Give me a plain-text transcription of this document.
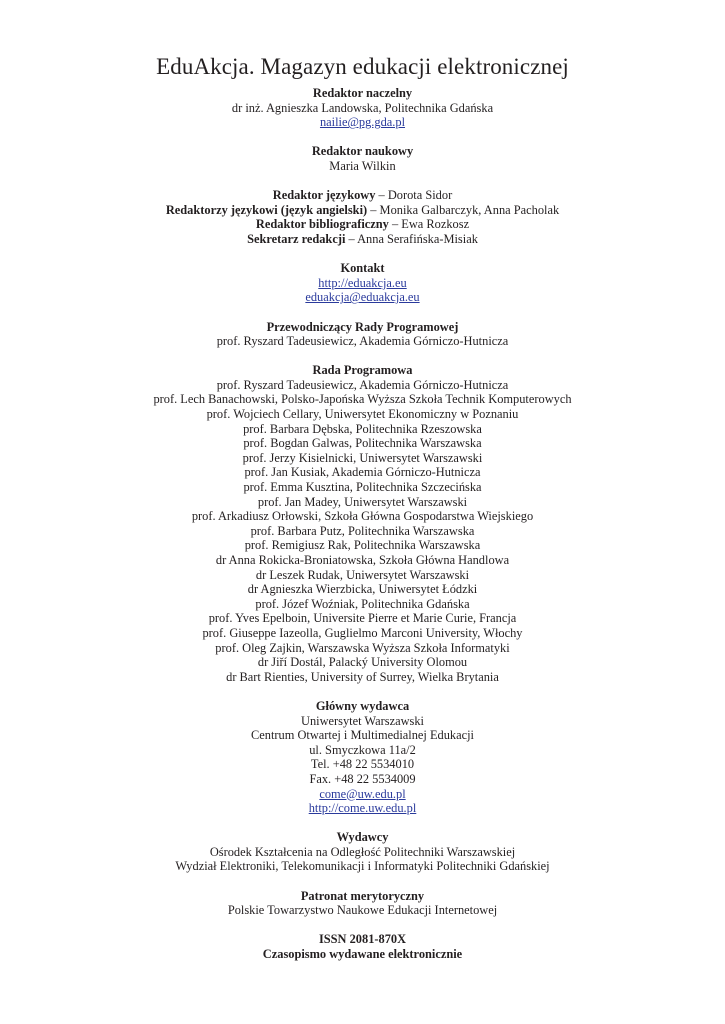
EduAkcja. Magazyn edukacji elektronicznej
Redaktor naczelny
dr inż. Agnieszka Landowska, Politechnika Gdańska
nailie@pg.gda.pl
Redaktor naukowy
Maria Wilkin
Redaktor językowy – Dorota Sidor
Redaktorzy językowi (język angielski) – Monika Galbarczyk, Anna Pacholak
Redaktor bibliograficzny – Ewa Rozkosz
Sekretarz redakcji – Anna Serafińska-Misiak
Kontakt
http://eduakcja.eu
eduakcja@eduakcja.eu
Przewodniczący Rady Programowej
prof. Ryszard Tadeusiewicz, Akademia Górniczo-Hutnicza
Rada Programowa
prof. Ryszard Tadeusiewicz, Akademia Górniczo-Hutnicza
prof. Lech Banachowski, Polsko-Japońska Wyższa Szkoła Technik Komputerowych
prof. Wojciech Cellary, Uniwersytet Ekonomiczny w Poznaniu
prof. Barbara Dębska, Politechnika Rzeszowska
prof. Bogdan Galwas, Politechnika Warszawska
prof. Jerzy Kisielnicki, Uniwersytet Warszawski
prof. Jan Kusiak, Akademia Górniczo-Hutnicza
prof. Emma Kusztina, Politechnika Szczecińska
prof. Jan Madey, Uniwersytet Warszawski
prof. Arkadiusz Orłowski, Szkoła Główna Gospodarstwa Wiejskiego
prof. Barbara Putz, Politechnika Warszawska
prof. Remigiusz Rak, Politechnika Warszawska
dr Anna Rokicka-Broniatowska, Szkoła Główna Handlowa
dr Leszek Rudak, Uniwersytet Warszawski
dr Agnieszka Wierzbicka, Uniwersytet Łódzki
prof. Józef Woźniak, Politechnika Gdańska
prof. Yves Epelboin, Universite Pierre et Marie Curie, Francja
prof. Giuseppe Iazeolla, Guglielmo Marconi University, Włochy
prof. Oleg Zajkin, Warszawska Wyższa Szkoła Informatyki
dr Jiří Dostál, Palacký University Olomou
dr Bart Rienties, University of Surrey, Wielka Brytania
Główny wydawca
Uniwersytet Warszawski
Centrum Otwartej i Multimedialnej Edukacji
ul. Smyczkowa 11a/2
Tel. +48 22 5534010
Fax. +48 22 5534009
come@uw.edu.pl
http://come.uw.edu.pl
Wydawcy
Ośrodek Kształcenia na Odległość Politechniki Warszawskiej
Wydział Elektroniki, Telekomunikacji i Informatyki Politechniki Gdańskiej
Patronat merytoryczny
Polskie Towarzystwo Naukowe Edukacji Internetowej
ISSN 2081-870X
Czasopismo wydawane elektronicznie
